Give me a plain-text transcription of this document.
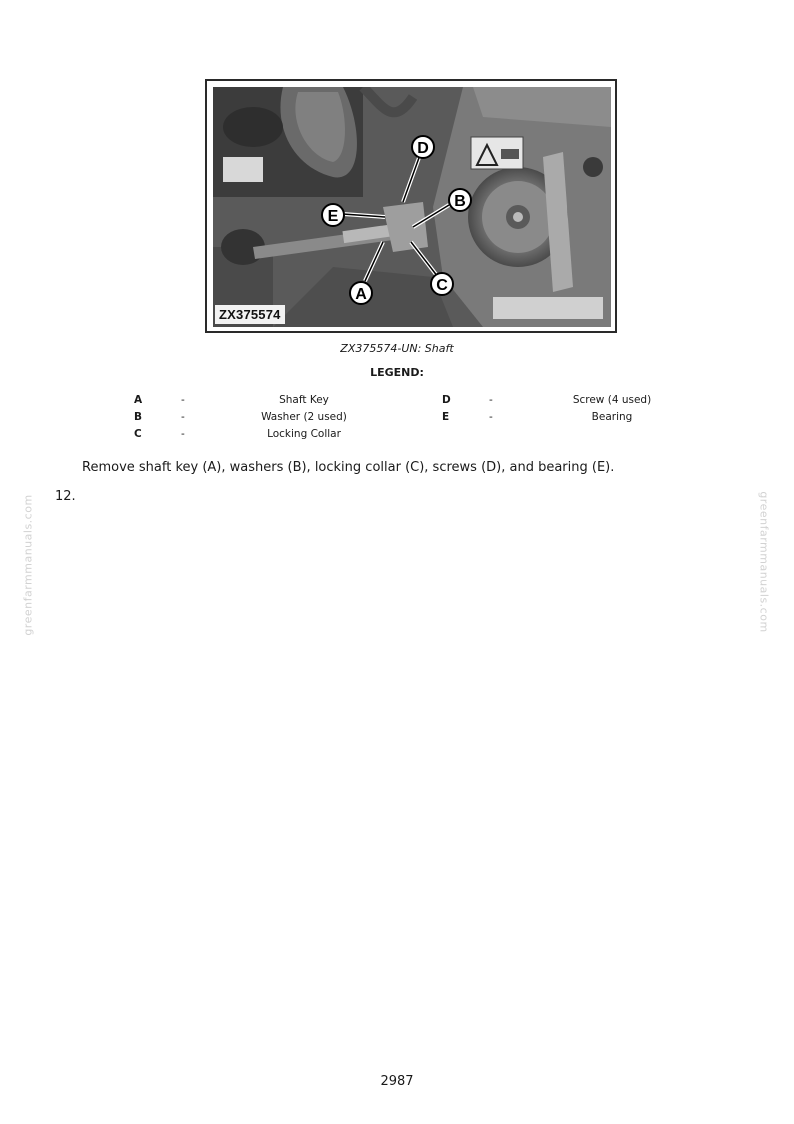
D
E
B
C
A
ZX375574
ZX375574-UN: Shaft
LEGEND:
A	-	Shaft Key
B	-	Washer (2 used)
C	-	Locking Collar
D	-	Screw (4 used)
E	-	Bearing
Remove shaft key (A), washers (B), locking collar (C), screws (D), and bearing (E).
12.
greenfarmmanuals.com	greenfarmmanuals.com
2987
